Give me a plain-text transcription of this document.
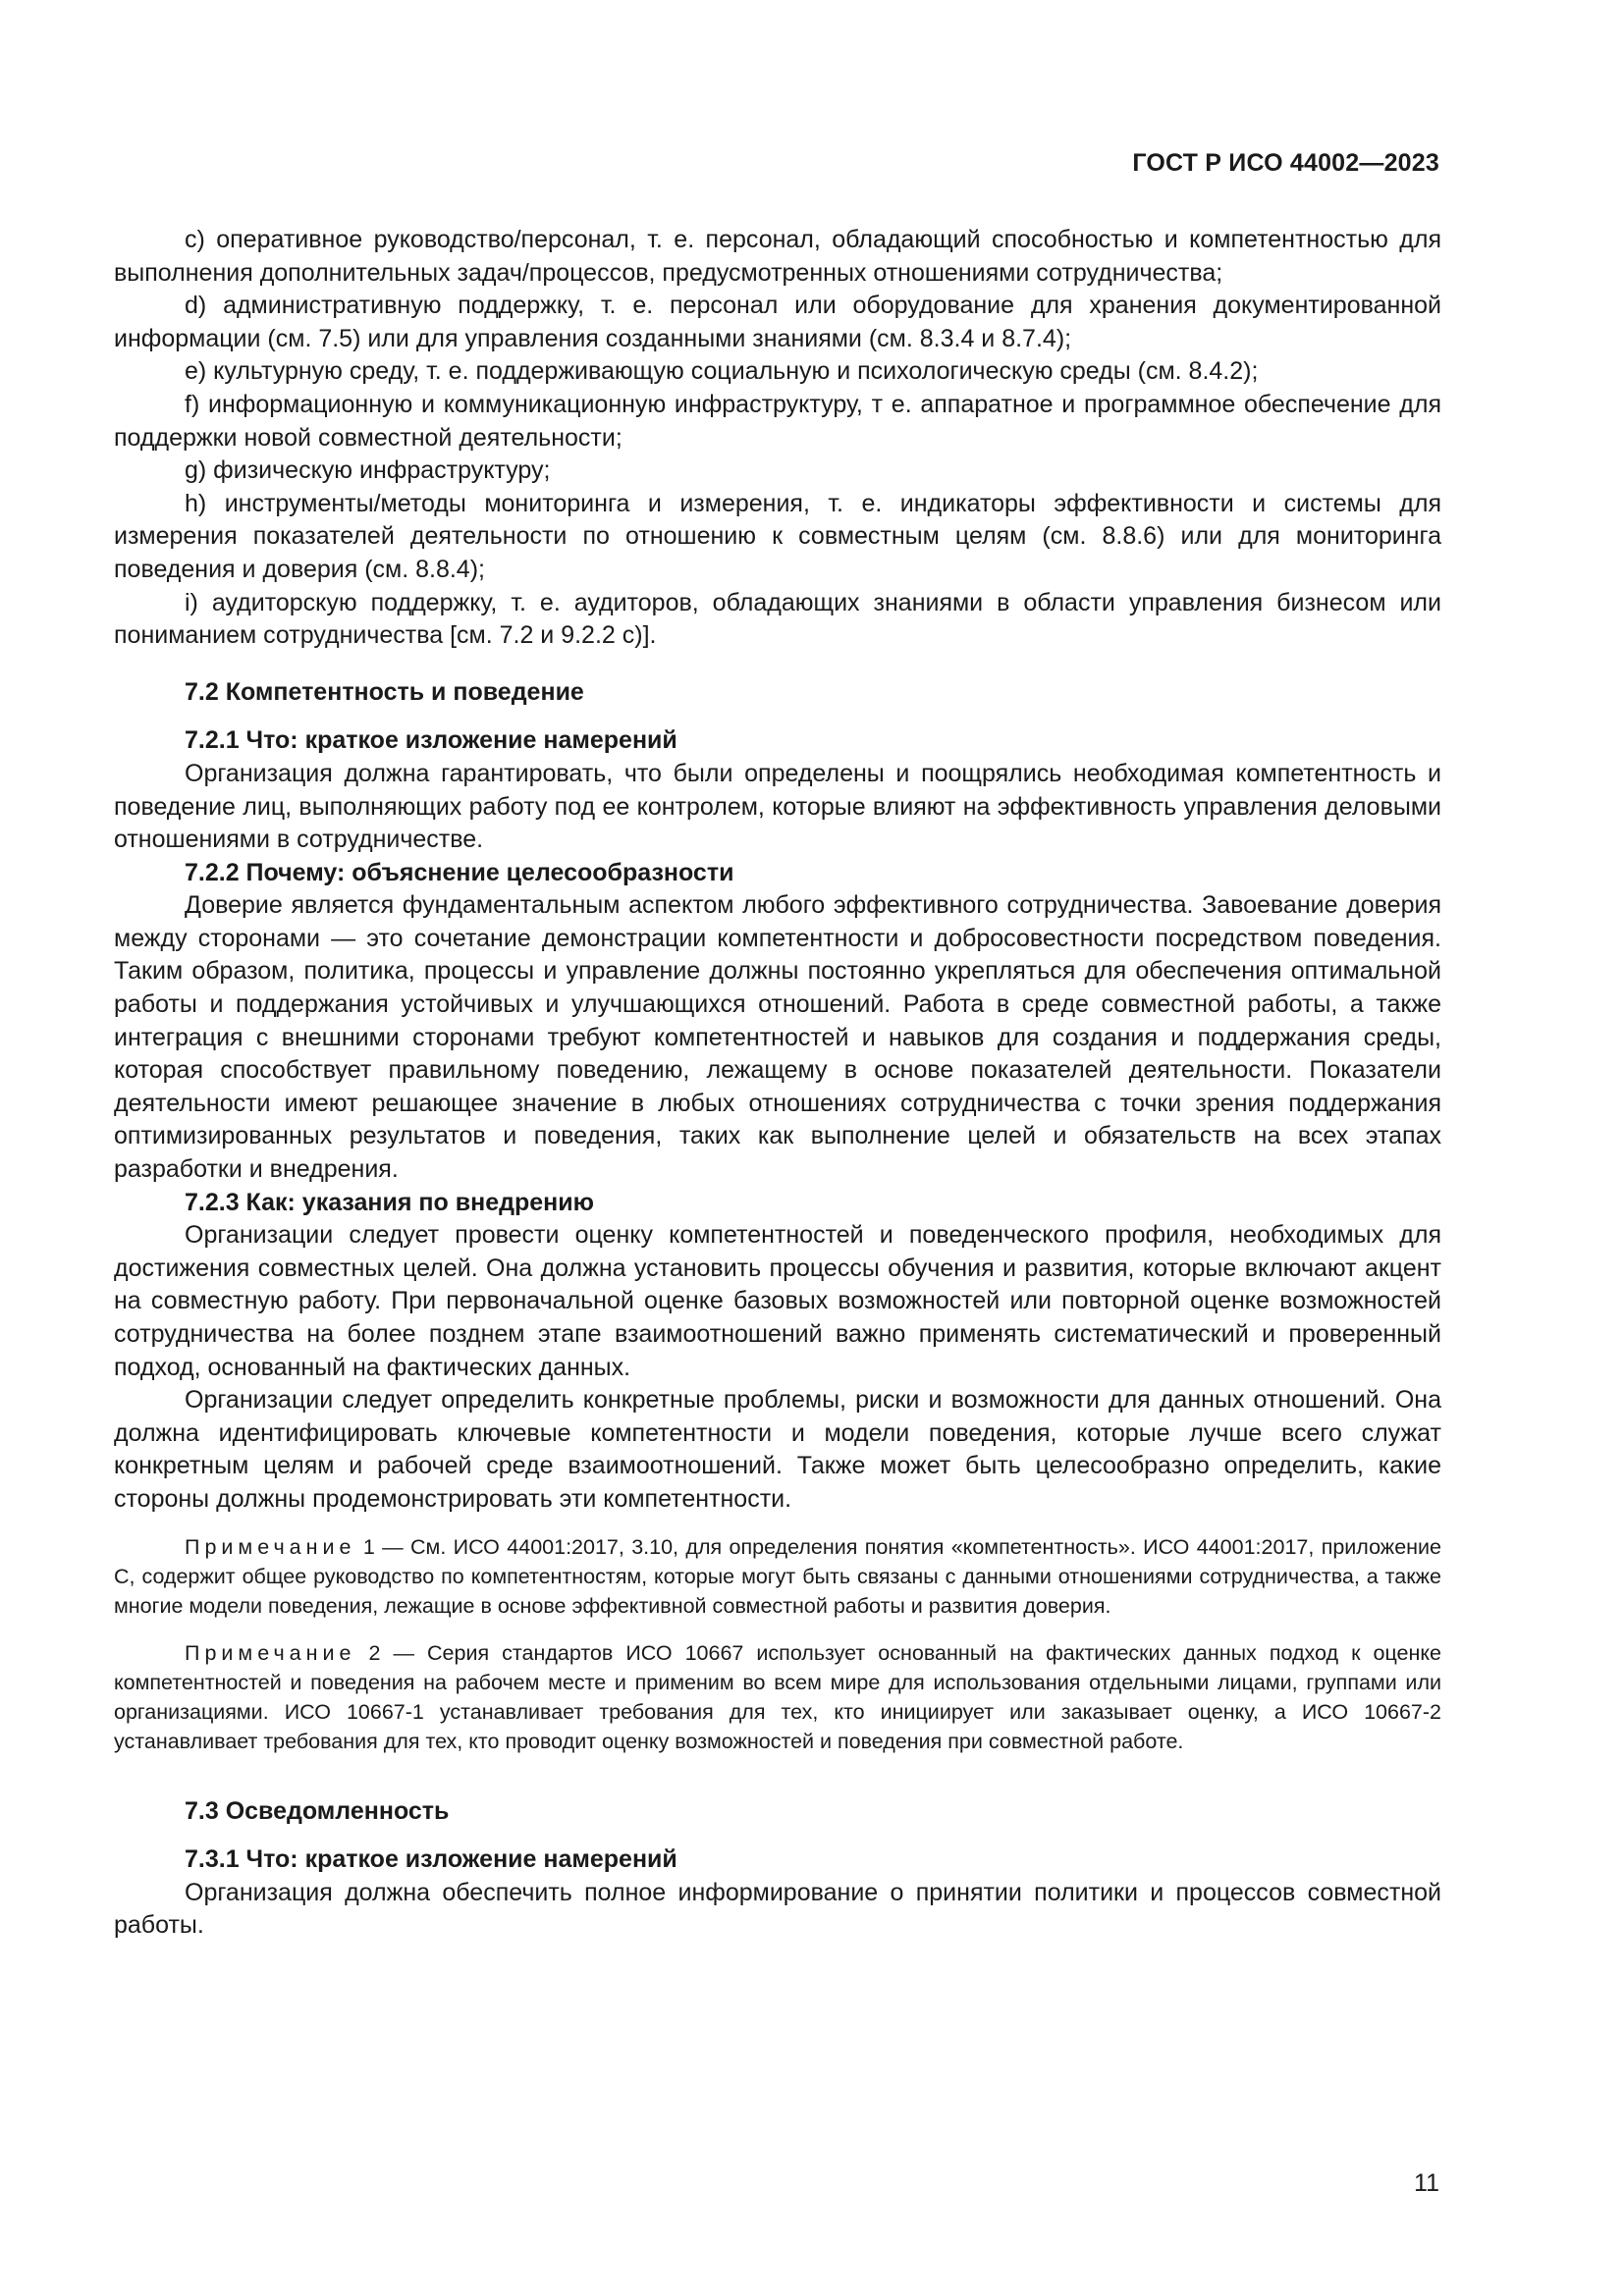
ГОСТ Р ИСО 44002—2023

c) оперативное руководство/персонал, т. е. персонал, обладающий способностью и компетентностью для выполнения дополнительных задач/процессов, предусмотренных отношениями сотрудничества;

d) административную поддержку, т. е. персонал или оборудование для хранения документированной информации (см. 7.5) или для управления созданными знаниями (см. 8.3.4 и 8.7.4);

e) культурную среду, т. е. поддерживающую социальную и психологическую среды (см. 8.4.2);

f) информационную и коммуникационную инфраструктуру, т е. аппаратное и программное обеспечение для поддержки новой совместной деятельности;

g) физическую инфраструктуру;

h) инструменты/методы мониторинга и измерения, т. е. индикаторы эффективности и системы для измерения показателей деятельности по отношению к совместным целям (см. 8.8.6) или для мониторинга поведения и доверия (см. 8.8.4);

i) аудиторскую поддержку, т. е. аудиторов, обладающих знаниями в области управления бизнесом или пониманием сотрудничества [см. 7.2 и 9.2.2 c)].

7.2 Компетентность и поведение

7.2.1 Что: краткое изложение намерений

Организация должна гарантировать, что были определены и поощрялись необходимая компетентность и поведение лиц, выполняющих работу под ее контролем, которые влияют на эффективность управления деловыми отношениями в сотрудничестве.

7.2.2 Почему: объяснение целесообразности

Доверие является фундаментальным аспектом любого эффективного сотрудничества. Завоевание доверия между сторонами — это сочетание демонстрации компетентности и добросовестности посредством поведения. Таким образом, политика, процессы и управление должны постоянно укрепляться для обеспечения оптимальной работы и поддержания устойчивых и улучшающихся отношений. Работа в среде совместной работы, а также интеграция с внешними сторонами требуют компетентностей и навыков для создания и поддержания среды, которая способствует правильному поведению, лежащему в основе показателей деятельности. Показатели деятельности имеют решающее значение в любых отношениях сотрудничества с точки зрения поддержания оптимизированных результатов и поведения, таких как выполнение целей и обязательств на всех этапах разработки и внедрения.

7.2.3 Как: указания по внедрению

Организации следует провести оценку компетентностей и поведенческого профиля, необходимых для достижения совместных целей. Она должна установить процессы обучения и развития, которые включают акцент на совместную работу. При первоначальной оценке базовых возможностей или повторной оценке возможностей сотрудничества на более позднем этапе взаимоотношений важно применять систематический и проверенный подход, основанный на фактических данных.

Организации следует определить конкретные проблемы, риски и возможности для данных отношений. Она должна идентифицировать ключевые компетентности и модели поведения, которые лучше всего служат конкретным целям и рабочей среде взаимоотношений. Также может быть целесообразно определить, какие стороны должны продемонстрировать эти компетентности.

Примечание 1 — См. ИСО 44001:2017, 3.10, для определения понятия «компетентность». ИСО 44001:2017, приложение С, содержит общее руководство по компетентностям, которые могут быть связаны с данными отношениями сотрудничества, а также многие модели поведения, лежащие в основе эффективной совместной работы и развития доверия.

Примечание 2 — Серия стандартов ИСО 10667 использует основанный на фактических данных подход к оценке компетентностей и поведения на рабочем месте и применим во всем мире для использования отдельными лицами, группами или организациями. ИСО 10667-1 устанавливает требования для тех, кто инициирует или заказывает оценку, а ИСО 10667-2 устанавливает требования для тех, кто проводит оценку возможностей и поведения при совместной работе.

7.3 Осведомленность

7.3.1 Что: краткое изложение намерений

Организация должна обеспечить полное информирование о принятии политики и процессов совместной работы.

11
